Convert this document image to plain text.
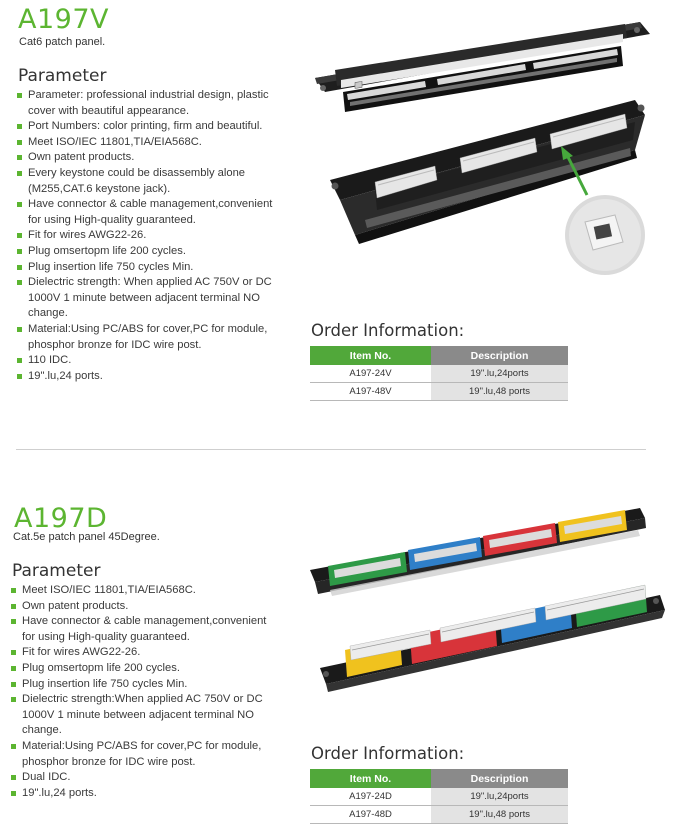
A197V
Cat6 patch panel.
Parameter
Parameter: professional industrial design, plastic cover with beautiful appearance.
Port Numbers: color printing, firm and beautiful.
Meet ISO/IEC 11801,TIA/EIA568C.
Own patent products.
Every keystone could be disassembly alone (M255,CAT.6 keystone jack).
Have connector & cable management,convenient for using High-quality guaranteed.
Fit for wires AWG22-26.
Plug omsertopm life 200 cycles.
Plug insertion life 750 cycles Min.
Dielectric strength: When applied AC 750V or DC 1000V 1 minute between adjacent terminal NO change.
Material:Using PC/ABS for cover,PC for module, phosphor bronze for IDC wire post.
110 IDC.
19".lu,24 ports.
Order Information:
Item No.	Description
A197-24V	19".lu,24ports
A197-48V	19".lu,48 ports
A197D
Cat.5e patch panel 45Degree.
Parameter
Meet ISO/IEC 11801,TIA/EIA568C.
Own patent products.
Have connector & cable management,convenient for using High-quality guaranteed.
Fit for wires AWG22-26.
Plug omsertopm life 200 cycles.
Plug insertion life 750 cycles Min.
Dielectric strength:When applied AC 750V or DC 1000V 1 minute between adjacent terminal NO change.
Material:Using PC/ABS for cover,PC for module, phosphor bronze for IDC wire post.
Dual IDC.
19".lu,24 ports.
Order Information:
Item No.	Description
A197-24D	19".lu,24ports
A197-48D	19".lu,48 ports
